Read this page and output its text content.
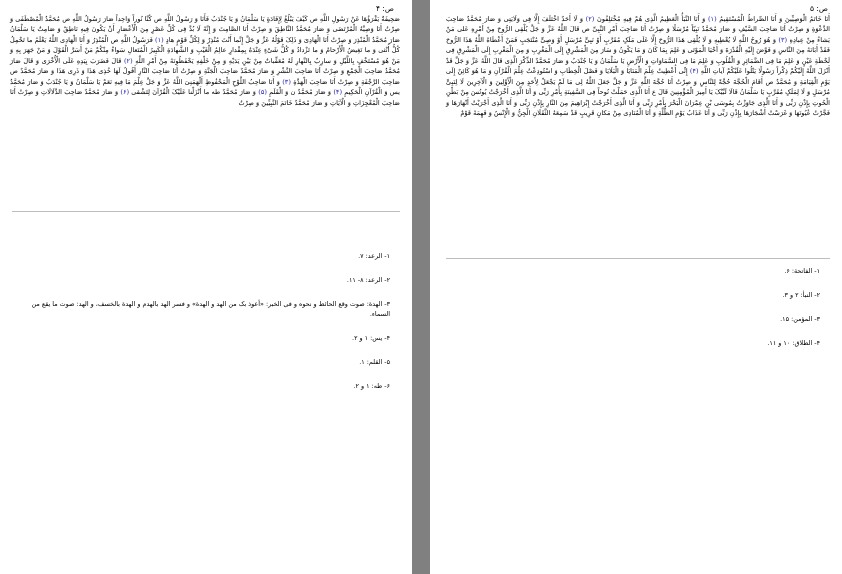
ص: ۴
صَحِیفَةٌ یَقْرَؤُهَا عَنْ رَسُولِ اللَّهِ ص کَیْفَ یَبْلُغُ لِإِفَادَةٍ یَا سَلْمَانُ وَ یَا جُنْدَبُ فَأَنَا وَ رَسُولُ اللَّهِ ص کُنَّا نُوراً وَاحِداً صَارَ رَسُولُ اللَّهِ ص مُحَمَّدٌ الْمُصْطَفَى وَ صِرْتُ أَنَا وَصِیَّهُ الْمُرْتَضَى وَ صَارَ مُحَمَّدٌ النَّاطِقَ وَ صِرْتُ أَنَا الصَّامِتَ وَ إِنَّهُ لَا بُدَّ فِی کُلِّ عَصْرٍ مِنَ الْأَعْصَارِ أَنْ یَکُونَ فِیهِ نَاطِقٌ وَ صَامِتٌ یَا سَلْمَانُ صَارَ مُحَمَّدٌ الْمُنْذِرَ وَ صِرْتُ أَنَا الْهَادِیَ وَ ذَلِکَ قَوْلُهُ عَزَّ وَ جَلَّ إِنَّما أَنْتَ مُنْذِرٌ وَ لِکُلِّ قَوْمٍ هادٍ (۱) فَرَسُولُ اللَّهِ ص الْمُنْذِرُ وَ أَنَا الْهَادِی اللَّهُ یَعْلَمُ ما تَحْمِلُ کُلُّ أُنْثى وَ ما تَغِیضُ الْأَرْحامُ وَ ما تَزْدادُ وَ کُلُّ شَیْءٍ عِنْدَهُ بِمِقْدارٍ عالِمُ الْغَیْبِ وَ الشَّهادَةِ الْکَبِیرُ الْمُتَعالِ سَواءٌ مِنْکُمْ مَنْ أَسَرَّ الْقَوْلَ وَ مَنْ جَهَرَ بِهِ وَ مَنْ هُوَ مُسْتَخْفٍ بِاللَّیْلِ وَ سارِبٌ بِالنَّهارِ لَهُ مُعَقِّباتٌ مِنْ بَیْنِ یَدَیْهِ وَ مِنْ خَلْفِهِ یَحْفَظُونَهُ مِنْ أَمْرِ اللَّهِ (۲) قَالَ فَضَرَبَ بِیَدِهِ عَلَى الْأُخْرَى وَ قَالَ صَارَ مُحَمَّدٌ صَاحِبَ الْجَمْعِ وَ صِرْتُ أَنَا صَاحِبَ النَّشْرِ وَ صَارَ مُحَمَّدٌ صَاحِبَ الْجَنَّةِ وَ صِرْتُ أَنَا صَاحِبَ النَّارِ أَقُولُ لَهَا خُذِی هَذَا وَ ذَرِی هَذَا وَ صَارَ مُحَمَّدٌ ص صَاحِبَ الرَّجْفَةِ وَ صِرْتُ أَنَا صَاحِبَ الْهَدَّةِ (۳) وَ أَنَا صَاحِبُ اللَّوْحِ الْمَحْفُوظِ أَلْهَمَنِیَ اللَّهُ عَزَّ وَ جَلَّ عِلْمَ مَا فِیهِ نَعَمْ یَا سَلْمَانُ وَ یَا جُنْدَبُ وَ صَارَ مُحَمَّدٌ یس وَ الْقُرْآنِ الْحَکِیمِ (۴) وَ صَارَ مُحَمَّدٌ ن وَ الْقَلَمِ (۵) وَ صَارَ مُحَمَّدٌ طه ما أَنْزَلْنا عَلَیْکَ الْقُرْآنَ لِتَشْقى (۶) وَ صَارَ مُحَمَّدٌ صَاحِبَ الدَّلَالَاتِ وَ صِرْتُ أَنَا صَاحِبَ الْمُعْجِزَاتِ وَ الْآیَاتِ وَ صَارَ مُحَمَّدٌ خَاتَمَ النَّبِیِّینَ وَ صِرْتُ
۱- الرعد: ۷.
۲- الرعد: ۸- ۱۱.
۳- الهدة: صوت وقع الحائط و نحوه و فی الخبر: «أعوذ بک من الهد و الهدة» و فسر الهد بالهدم و الهدة بالخسف، و الهد: صوت ما یقع من السماء.
۴- یس: ۱ و ۲.
۵- القلم: ۱.
۶- طه: ۱ و ۲.
ص: ۵
أَنَا خَاتَمُ الْوَصِیِّینَ وَ أَنَا الصِّراطُ الْمُسْتَقِیمُ (۱) وَ أَنَا النَّبَأُ الْعَظِیمُ الَّذِی هُمْ فِیهِ مُخْتَلِفُونَ (۲) وَ لَا أَحَدٌ اخْتَلَفَ إِلَّا فِی وَلَایَتِی وَ صَارَ مُحَمَّدٌ صَاحِبَ الدَّعْوَةِ وَ صِرْتُ أَنَا صَاحِبَ السَّیْفِ وَ صَارَ مُحَمَّدٌ نَبِیّاً مُرْسَلًا وَ صِرْتُ أَنَا صَاحِبَ أَمْرِ النَّبِیِّ ص قَالَ اللَّهُ عَزَّ وَ جَلَّ یُلْقِی الرُّوحَ مِنْ أَمْرِهِ عَلى مَنْ یَشاءُ مِنْ عِبادِهِ (۳) وَ هُوَ رُوحُ اللَّهِ لَا یُعْطِیهِ وَ لَا یُلْقِی هَذَا الرُّوحَ إِلَّا عَلَى مَلَکٍ مُقَرَّبٍ أَوْ نَبِیٍّ مُرْسَلٍ أَوْ وَصِیٍّ مُنْتَجَبٍ فَمَنْ أَعْطَاهُ اللَّهُ هَذَا الرُّوحَ فَقَدْ أَبَانَهُ مِنَ النَّاسِ وَ فَوَّضَ إِلَیْهِ الْقُدْرَةَ وَ أَحْیَا الْمَوْتَى وَ عَلِمَ بِمَا کَانَ وَ مَا یَکُونُ وَ سَارَ مِنَ الْمَشْرِقِ إِلَى الْمَغْرِبِ وَ مِنَ الْمَغْرِبِ إِلَى الْمَشْرِقِ فِی لَحْظَةِ عَیْنٍ وَ عَلِمَ مَا فِی الضَّمَائِرِ وَ الْقُلُوبِ وَ عَلِمَ مَا فِی السَّمَاوَاتِ وَ الْأَرْضِ یَا سَلْمَانُ وَ یَا جُنْدَبُ وَ صَارَ مُحَمَّدٌ الذِّکْرَ الَّذِی قَالَ اللَّهُ عَزَّ وَ جَلَّ قَدْ أَنْزَلَ اللَّهُ إِلَیْکُمْ ذِکْراً رَسُولًا یَتْلُوا عَلَیْکُمْ آیاتِ اللَّهِ (۴) إِنِّی أُعْطِیتُ عِلْمَ الْمَنَایَا وَ الْبَلَایَا وَ فَصْلَ الْخِطَابِ وَ اسْتُودِعْتُ عِلْمَ الْقُرْآنِ وَ مَا هُوَ کَائِنٌ إِلَى یَوْمِ الْقِیَامَةِ وَ مُحَمَّدٌ ص أَقَامَ الْحُجَّةَ حُجَّةً لِلنَّاسِ وَ صِرْتُ أَنَا حُجَّةَ اللَّهِ عَزَّ وَ جَلَّ جَعَلَ اللَّهُ لِی مَا لَمْ یَجْعَلْ لِأَحَدٍ مِنَ الْأَوَّلِینَ وَ الْآخِرِینَ لَا لِنَبِیٍّ مُرْسَلٍ وَ لَا لِمَلَکٍ مُقَرَّبٍ یَا سَلْمَانُ قَالَا لَبَّیْکَ یَا أَمِیرَ الْمُؤْمِنِینَ قَالَ ع أَنَا الَّذِی حَمَلْتُ نُوحاً فِی السَّفِینَةِ بِأَمْرِ رَبِّی وَ أَنَا الَّذِی أَخْرَجْتُ یُونُسَ مِنْ بَطْنِ الْحُوتِ بِإِذْنِ رَبِّی وَ أَنَا الَّذِی جَاوَزْتُ بِمُوسَى بْنِ عِمْرَانَ الْبَحْرَ بِأَمْرِ رَبِّی وَ أَنَا الَّذِی أَخْرَجْتُ إِبْرَاهِیمَ مِنَ النَّارِ بِإِذْنِ رَبِّی وَ أَنَا الَّذِی أَجْرَیْتُ أَنْهَارَهَا وَ فَجَّرْتُ عُیُونَهَا وَ غَرَسْتُ أَشْجَارَهَا بِإِذْنِ رَبِّی وَ أَنَا عَذَابُ یَوْمِ الظُّلَّةِ وَ أَنَا الْمُنَادِی مِنْ مَکانٍ قَرِیبٍ قَدْ سَمِعَهُ الثَّقَلَانِ الْجِنُّ وَ الْإِنْسُ وَ فَهِمَهُ قَوْمٌ
۱- الفاتحة: ۶.
۲- النبأ: ۲ و ۳.
۳- المؤمن: ۱۵.
۴- الطلاق: ۱۰ و ۱۱.
